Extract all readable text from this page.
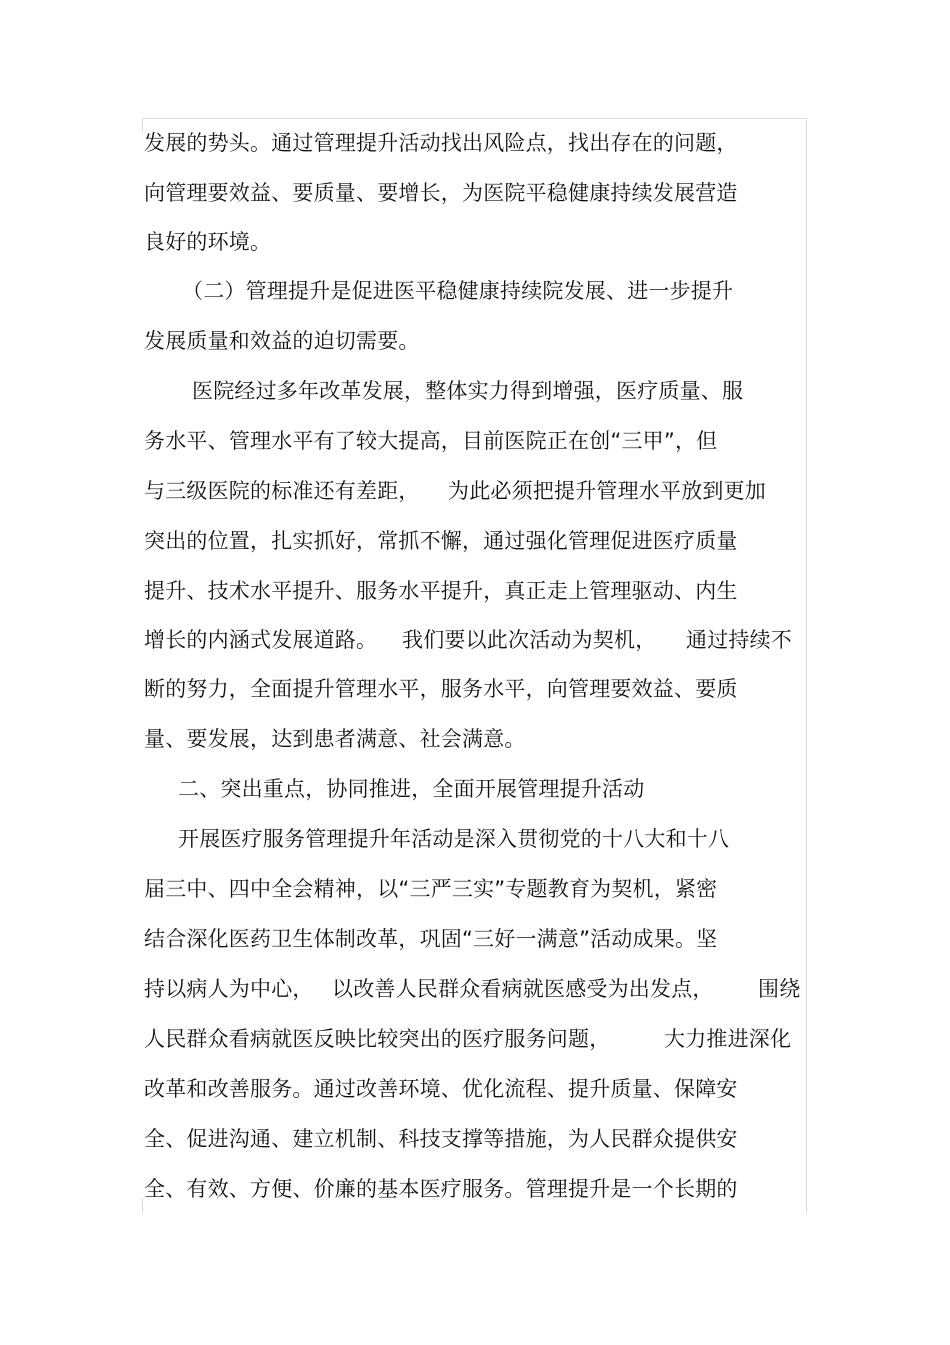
发展的势头。通过管理提升活动找出风险点，找出存在的问题，
向管理要效益、要质量、要增长，为医院平稳健康持续发展营造
良好的环境。
（二）管理提升是促进医平稳健康持续院发展、进一步提升
发展质量和效益的迫切需要。
医院经过多年改革发展，整体实力得到增强，医疗质量、服
务水平、管理水平有了较大提高，目前医院正在创“三甲”，但
与三级医院的标准还有差距， 为此必须把提升管理水平放到更加
突出的位置，扎实抓好，常抓不懈，通过强化管理促进医疗质量
提升、技术水平提升、服务水平提升，真正走上管理驱动、内生
增长的内涵式发展道路。 我们要以此次活动为契机， 通过持续不
断的努力，全面提升管理水平，服务水平，向管理要效益、要质
量、要发展，达到患者满意、社会满意。
二、突出重点，协同推进，全面开展管理提升活动
开展医疗服务管理提升年活动是深入贯彻党的十八大和十八
届三中、四中全会精神，以“三严三实”专题教育为契机，紧密
结合深化医药卫生体制改革，巩固“三好一满意”活动成果。坚
持以病人为中心， 以改善人民群众看病就医感受为出发点， 围绕
人民群众看病就医反映比较突出的医疗服务问题，	大力推进深化
改革和改善服务。通过改善环境、优化流程、提升质量、保障安
全、促进沟通、建立机制、科技支撑等措施，为人民群众提供安
全、有效、方便、价廉的基本医疗服务。管理提升是一个长期的
